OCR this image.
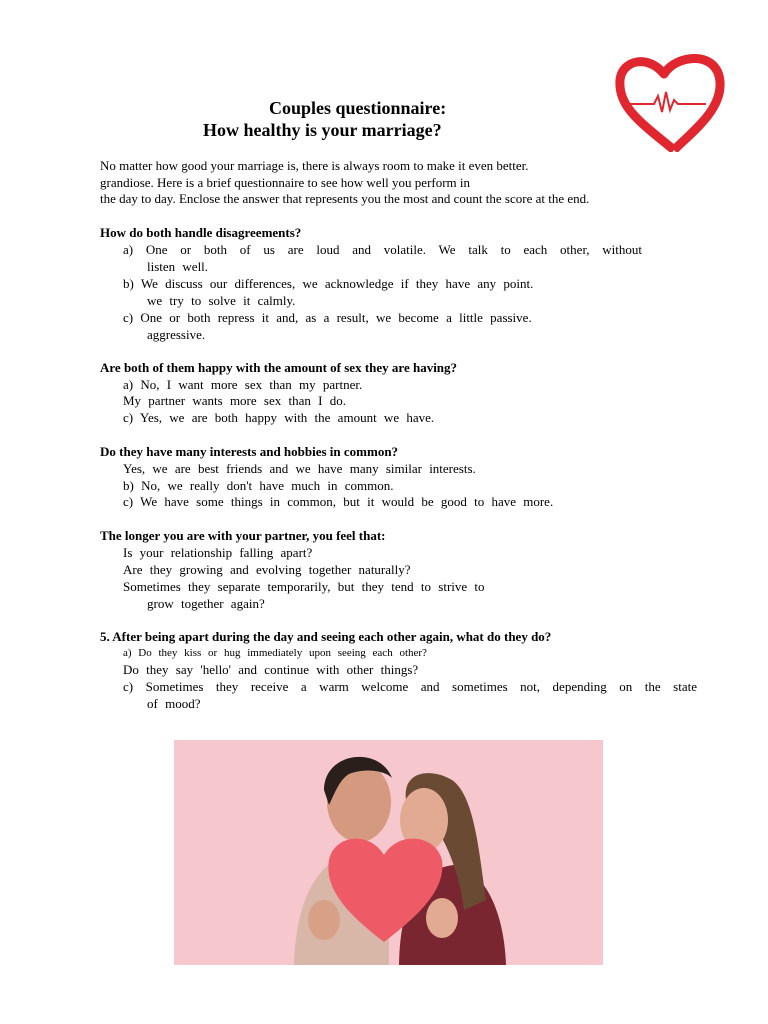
Couples questionnaire:
How healthy is your marriage?
No matter how good your marriage is, there is always room to make it even better.
grandiose. Here is a brief questionnaire to see how well you perform in
the day to day. Enclose the answer that represents you the most and count the score at the end.
How do both handle disagreements?
a) One or both of us are loud and volatile. We talk to each other, without
listen well.
b) We discuss our differences, we acknowledge if they have any point.
we try to solve it calmly.
c) One or both repress it and, as a result, we become a little passive.
aggressive.
Are both of them happy with the amount of sex they are having?
a) No, I want more sex than my partner.
My partner wants more sex than I do.
c) Yes, we are both happy with the amount we have.
Do they have many interests and hobbies in common?
Yes, we are best friends and we have many similar interests.
b) No, we really don't have much in common.
c) We have some things in common, but it would be good to have more.
The longer you are with your partner, you feel that:
Is your relationship falling apart?
Are they growing and evolving together naturally?
Sometimes they separate temporarily, but they tend to strive to
grow together again?
5. After being apart during the day and seeing each other again, what do they do?
a) Do they kiss or hug immediately upon seeing each other?
Do they say 'hello' and continue with other things?
c) Sometimes they receive a warm welcome and sometimes not, depending on the state
of mood?
